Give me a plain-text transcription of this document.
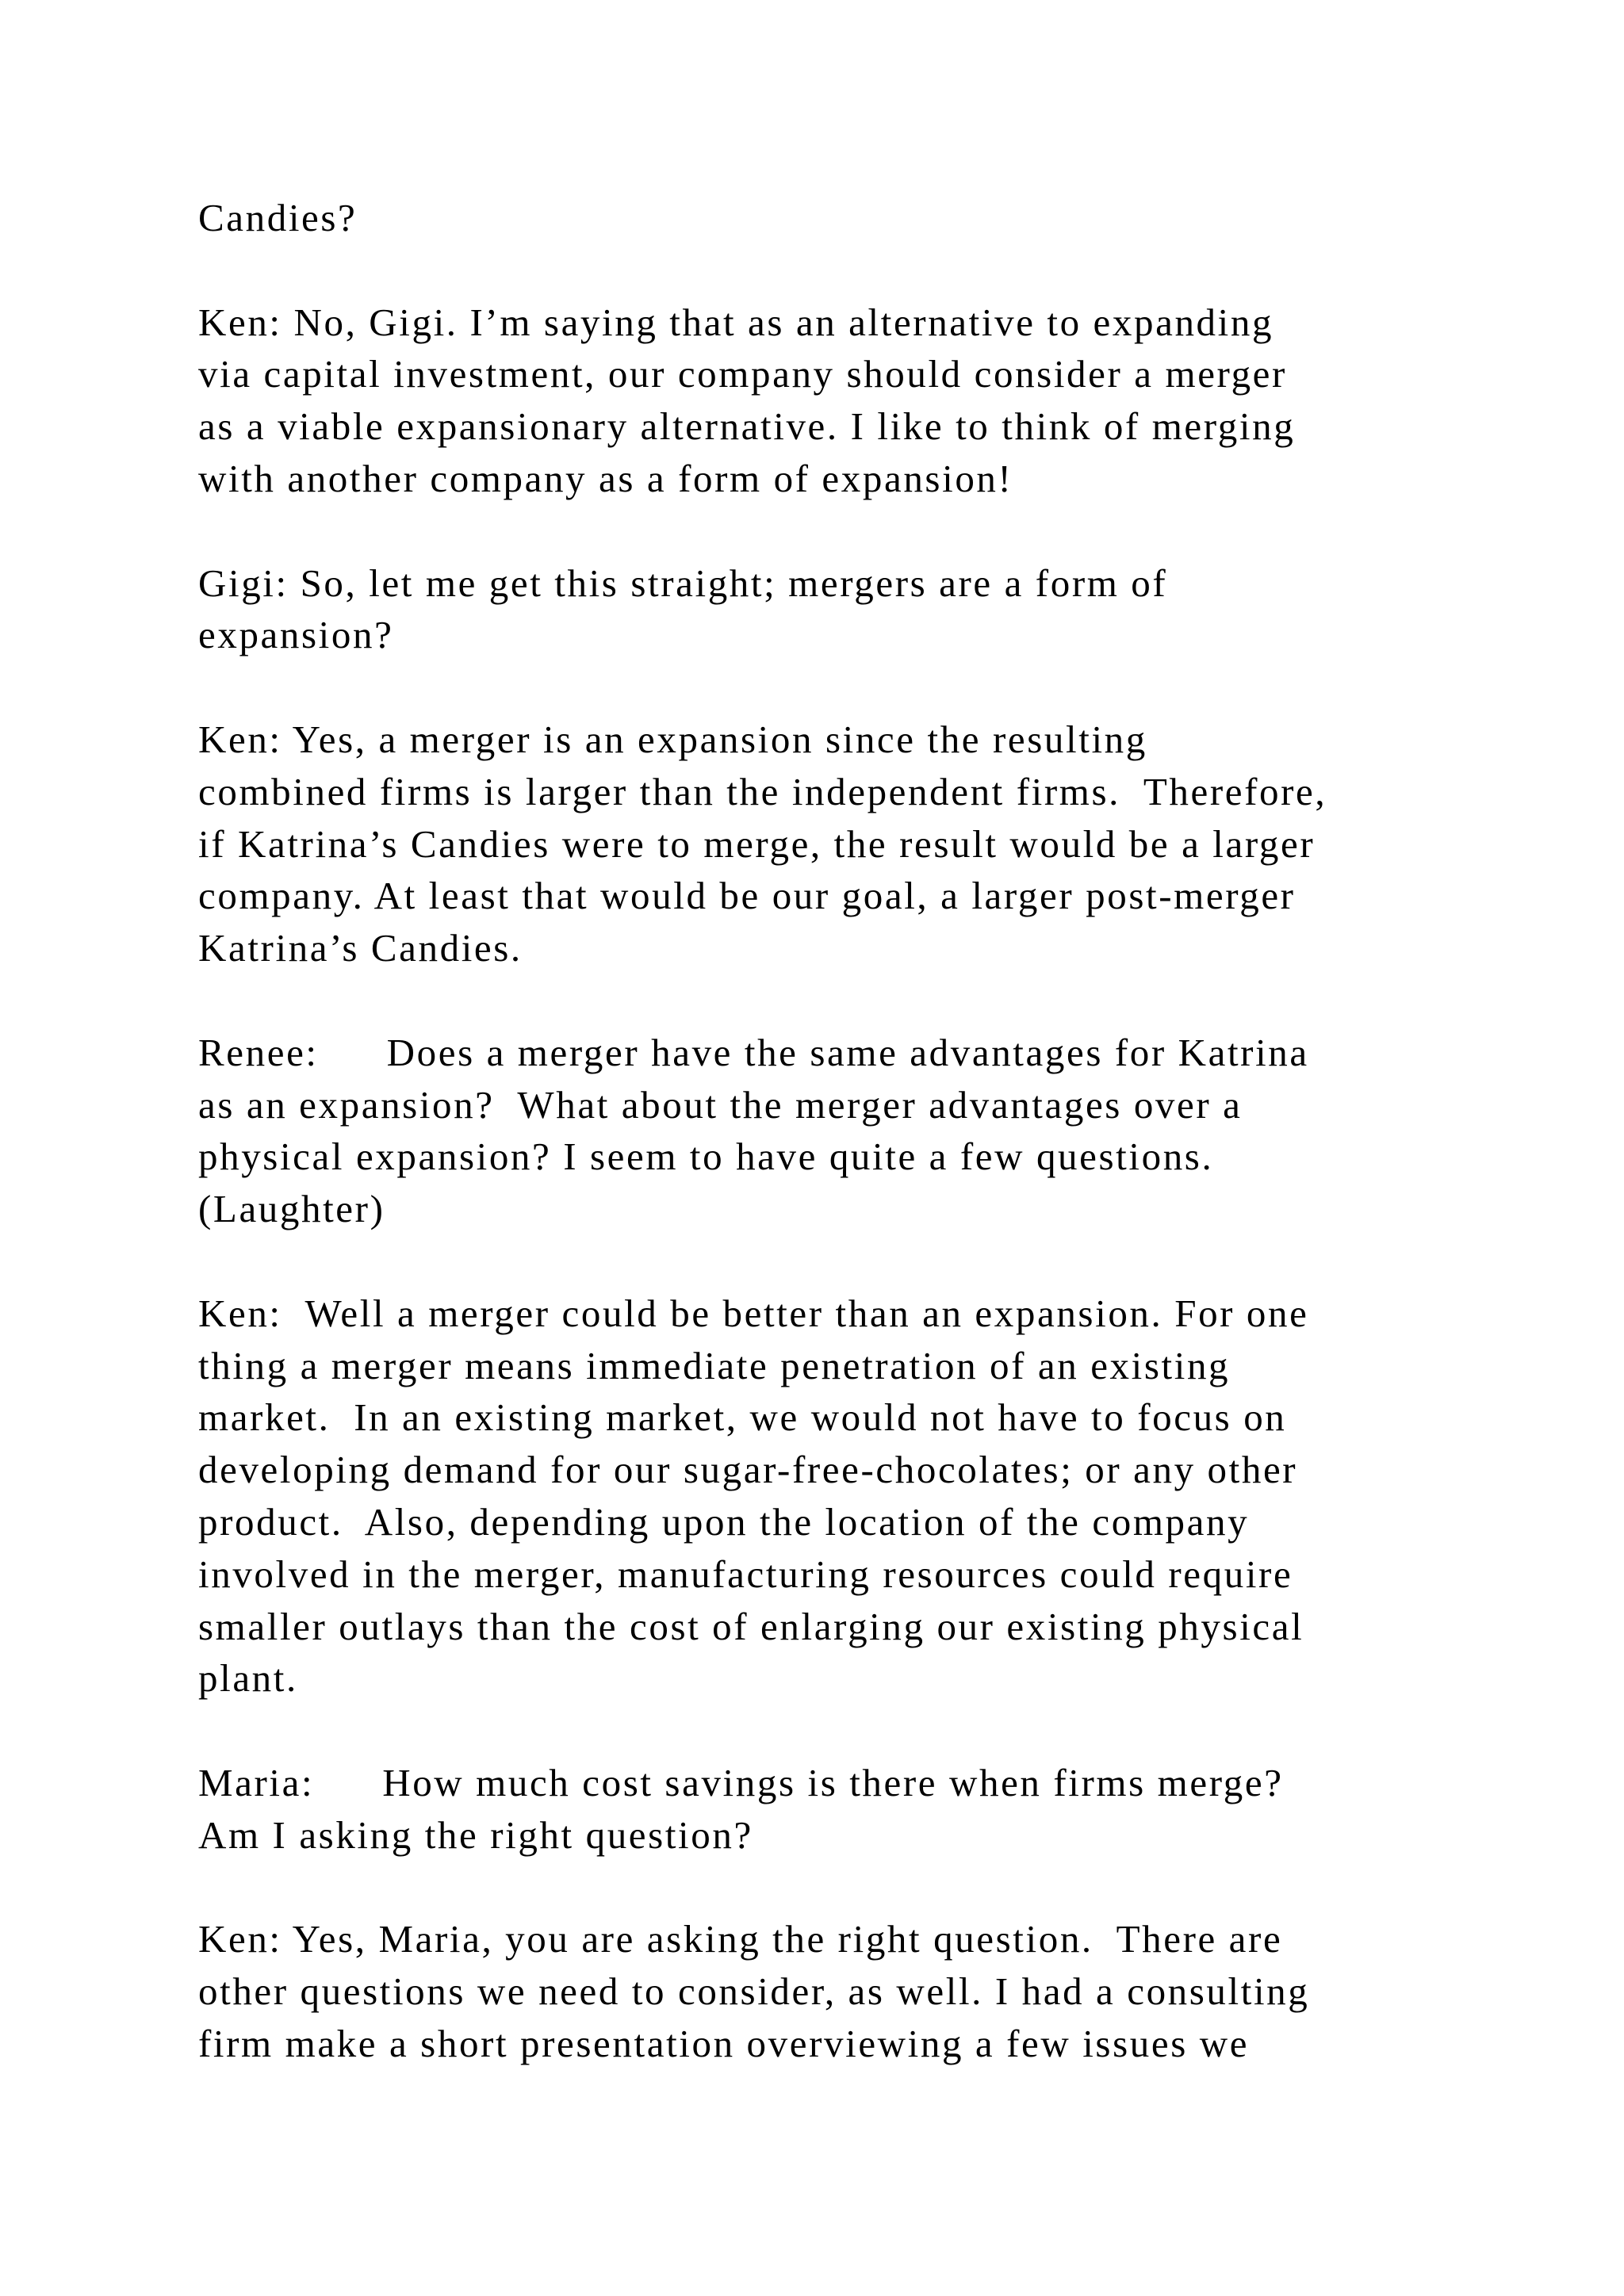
Candies?

Ken: No, Gigi. I’m saying that as an alternative to expanding
via capital investment, our company should consider a merger
as a viable expansionary alternative. I like to think of merging
with another company as a form of expansion!

Gigi: So, let me get this straight; mergers are a form of
expansion?

Ken: Yes, a merger is an expansion since the resulting
combined firms is larger than the independent firms.  Therefore,
if Katrina’s Candies were to merge, the result would be a larger
company. At least that would be our goal, a larger post-merger
Katrina’s Candies.

Renee: Does a merger have the same advantages for Katrina
as an expansion?  What about the merger advantages over a
physical expansion? I seem to have quite a few questions.
(Laughter)

Ken:  Well a merger could be better than an expansion. For one
thing a merger means immediate penetration of an existing
market.  In an existing market, we would not have to focus on
developing demand for our sugar-free-chocolates; or any other
product.  Also, depending upon the location of the company
involved in the merger, manufacturing resources could require
smaller outlays than the cost of enlarging our existing physical
plant.

Maria: How much cost savings is there when firms merge?
Am I asking the right question?

Ken: Yes, Maria, you are asking the right question.  There are
other questions we need to consider, as well. I had a consulting
firm make a short presentation overviewing a few issues we
